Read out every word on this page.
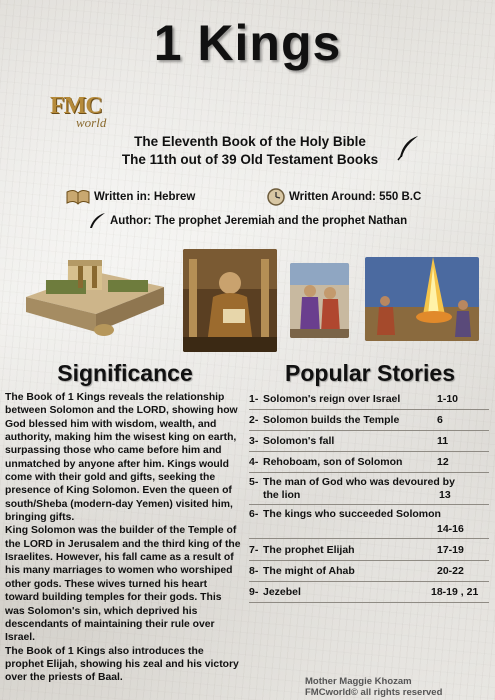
1 Kings
FMC
world
The Eleventh Book of the Holy Bible
The 11th out of 39 Old Testament Books
Written in: Hebrew	Written Around: 550 B.C
Author: The prophet Jeremiah and the prophet Nathan
Significance

The Book of 1 Kings reveals the relationship between Solomon and the LORD, showing how God blessed him with wisdom, wealth, and authority, making him the wisest king on earth, surpassing those who came before him and unmatched by anyone after him. Kings would come with their gold and gifts, seeking the presence of King Solomon. Even the queen of south/Sheba (modern-day Yemen) visited him, bringing gifts.

King Solomon was the builder of the Temple of the LORD in Jerusalem and the third king of the Israelites. However, his fall came as a result of his many marriages to women who worshiped other gods. These wives turned his heart toward building temples for their gods. This was Solomon's sin, which deprived his descendants of maintaining their rule over Israel.

The Book of 1 Kings also introduces the prophet Elijah, showing his zeal and his victory over the priests of Baal.

Popular Stories
1- Solomon's reign over Israel	1-10
2- Solomon builds the Temple	6
3- Solomon's fall	11
4- Rehoboam, son of Solomon	12
5- The man of God who was devoured by the lion	13
6- The kings who succeeded Solomon
14-16
7- The prophet Elijah	17-19
8- The might of Ahab	20-22
9- Jezebel	18-19 , 21
Mother Maggie Khozam
FMCworld© all rights reserved
